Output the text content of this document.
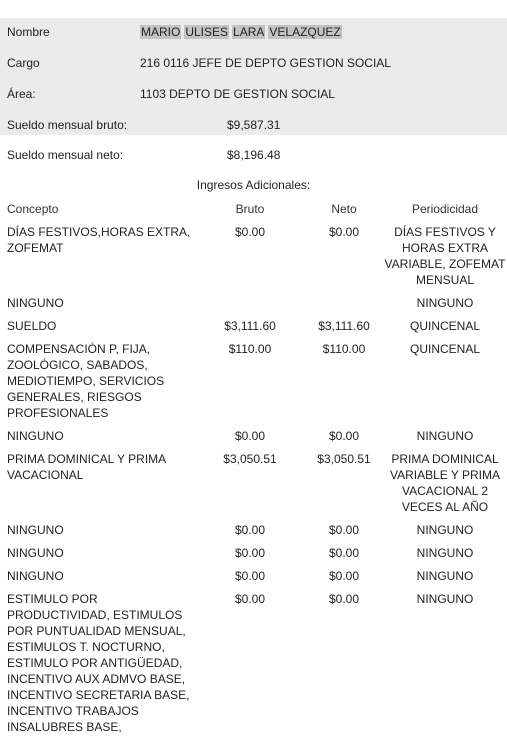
Nombre	MARIO ULISES LARA VELAZQUEZ
Cargo	216 0116 JEFE DE DEPTO GESTION SOCIAL
Área:	1103 DEPTO DE GESTION SOCIAL
Sueldo mensual bruto:	$9,587.31
Sueldo mensual neto:	$8,196.48
Ingresos Adicionales:
Concepto	Bruto	Neto	Periodicidad
DÍAS FESTIVOS,HORAS EXTRA, ZOFEMAT	$0.00	$0.00	DÍAS FESTIVOS Y HORAS EXTRA VARIABLE, ZOFEMAT MENSUAL
NINGUNO			NINGUNO
SUELDO	$3,111.60	$3,111.60	QUINCENAL
COMPENSACIÓN P, FIJA, ZOOLÓGICO, SABADOS, MEDIOTIEMPO, SERVICIOS GENERALES, RIESGOS PROFESIONALES	$110.00	$110.00	QUINCENAL
NINGUNO	$0.00	$0.00	NINGUNO
PRIMA DOMINICAL Y PRIMA VACACIONAL	$3,050.51	$3,050.51	PRIMA DOMINICAL VARIABLE Y PRIMA VACACIONAL 2 VECES AL AÑO
NINGUNO	$0.00	$0.00	NINGUNO
NINGUNO	$0.00	$0.00	NINGUNO
NINGUNO	$0.00	$0.00	NINGUNO
ESTIMULO POR PRODUCTIVIDAD, ESTIMULOS POR PUNTUALIDAD MENSUAL, ESTIMULOS T. NOCTURNO, ESTIMULO POR ANTIGÜEDAD, INCENTIVO AUX ADMVO BASE, INCENTIVO SECRETARIA BASE, INCENTIVO TRABAJOS INSALUBRES BASE,	$0.00	$0.00	NINGUNO
